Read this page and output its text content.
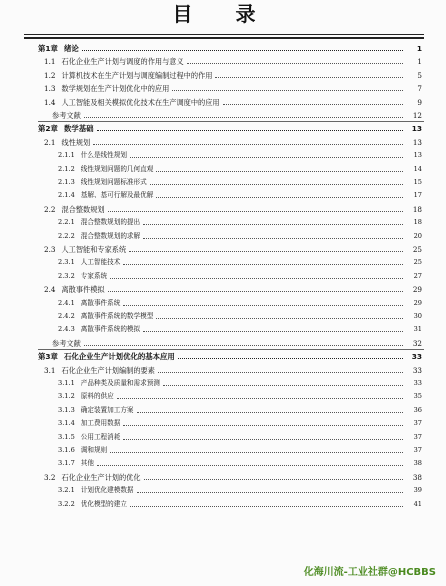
目 录
第1章 绪论	1
1.1 石化企业生产计划与调度的作用与意义	1
1.2 计算机技术在生产计划与调度编制过程中的作用	5
1.3 数学规划在生产计划优化中的应用	7
1.4 人工智能及相关模拟优化技术在生产调度中的应用	9
参考文献	12
第2章 数学基础	13
2.1 线性规划	13
2.1.1 什么是线性规划	13
2.1.2 线性规划问题的几何直观	14
2.1.3 线性规划问题标准形式	15
2.1.4 基解、基可行解及最优解	17
2.2 混合整数规划	18
2.2.1 混合整数规划的提出	18
2.2.2 混合整数规划的求解	20
2.3 人工智能和专家系统	25
2.3.1 人工智能技术	25
2.3.2 专家系统	27
2.4 离散事件模拟	29
2.4.1 离散事件系统	29
2.4.2 离散事件系统的数学模型	30
2.4.3 离散事件系统的模拟	31
参考文献	32
第3章 石化企业生产计划优化的基本应用	33
3.1 石化企业生产计划编制的要素	33
3.1.1 产品种类及质量和需求预测	33
3.1.2 原料的供应	35
3.1.3 确定装置加工方案	36
3.1.4 加工费用数据	37
3.1.5 公用工程消耗	37
3.1.6 调和规则	37
3.1.7 其他	38
3.2 石化企业生产计划的优化	38
3.2.1 计划优化建模数据	39
3.2.2 优化模型的建立	41
化海川流-工业社群@HCBBS
